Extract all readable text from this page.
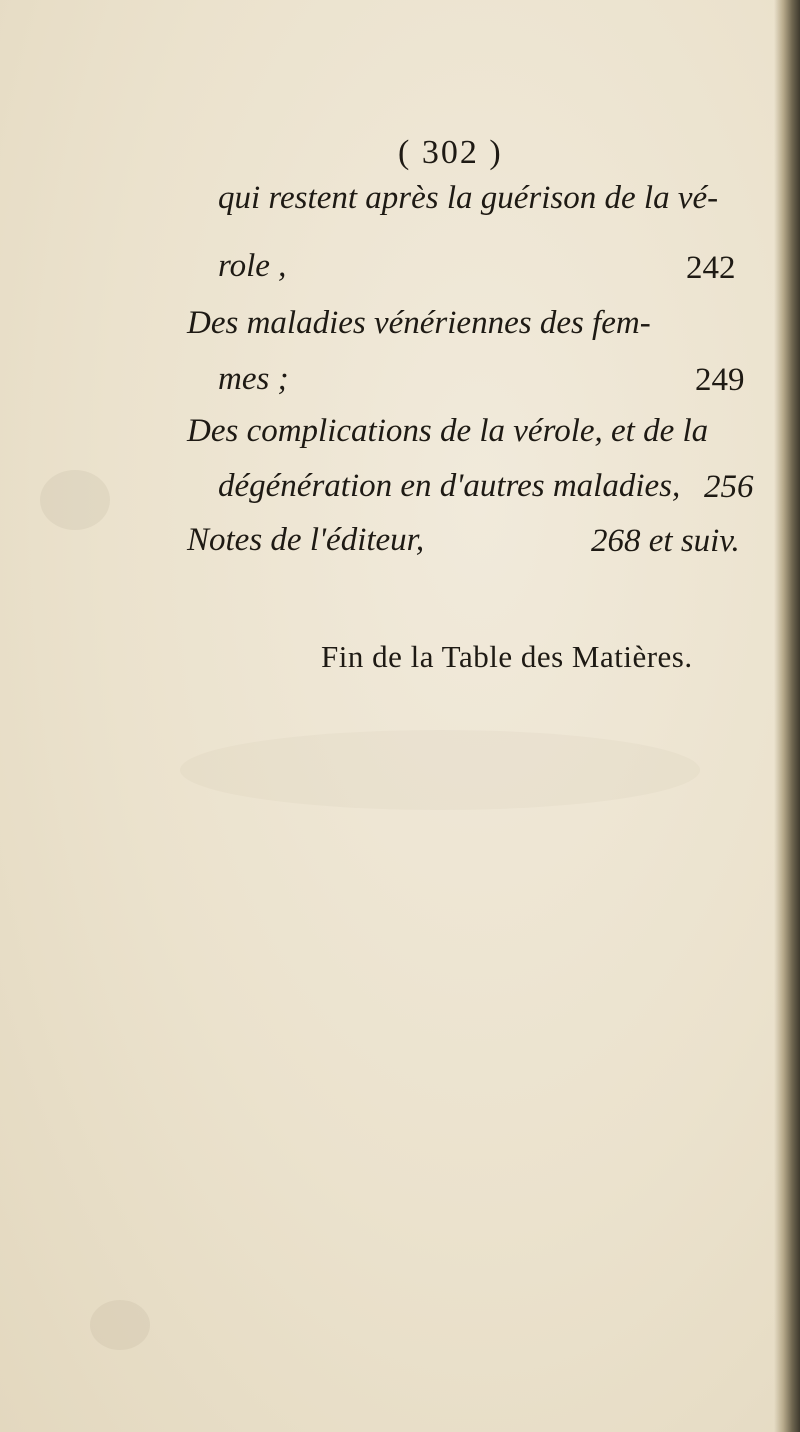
( 302 )
qui restent après la guérison de la vé-
role ,	242
Des maladies vénériennes des fem-
mes ;	249
Des complications de la vérole, et de la
dégénération en d'autres maladies, 256
Notes de l'éditeur,	268 et suiv.
Fin de la Table des Matières.
